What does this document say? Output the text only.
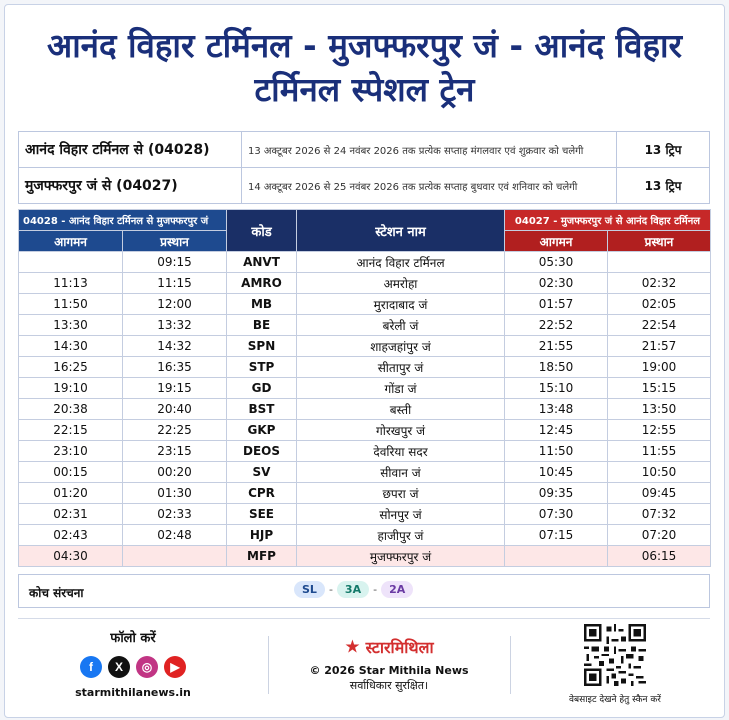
आनंद विहार टर्मिनल - मुजफ्फरपुर जं - आनंद विहार टर्मिनल स्पेशल ट्रेन
आनंद विहार टर्मिनल से (04028)	13 अक्टूबर 2026 से 24 नवंबर 2026 तक प्रत्येक सप्ताह मंगलवार एवं शुक्रवार को चलेगी	13 ट्रिप
मुजफ्फरपुर जं से (04027)	14 अक्टूबर 2026 से 25 नवंबर 2026 तक प्रत्येक सप्ताह बुधवार एवं शनिवार को चलेगी	13 ट्रिप
04028 - आनंद विहार टर्मिनल से मुजफ्फरपुर जं		कोड	स्टेशन नाम	04027 - मुजफ्फरपुर जं से आनंद विहार टर्मिनल	
आगमन	प्रस्थान			आगमन	प्रस्थान
	09:15	ANVT	आनंद विहार टर्मिनल	05:30	
11:13	11:15	AMRO	अमरोहा	02:30	02:32
11:50	12:00	MB	मुरादाबाद जं	01:57	02:05
13:30	13:32	BE	बरेली जं	22:52	22:54
14:30	14:32	SPN	शाहजहांपुर जं	21:55	21:57
16:25	16:35	STP	सीतापुर जं	18:50	19:00
19:10	19:15	GD	गोंडा जं	15:10	15:15
20:38	20:40	BST	बस्ती	13:48	13:50
22:15	22:25	GKP	गोरखपुर जं	12:45	12:55
23:10	23:15	DEOS	देवरिया सदर	11:50	11:55
00:15	00:20	SV	सीवान जं	10:45	10:50
01:20	01:30	CPR	छपरा जं	09:35	09:45
02:31	02:33	SEE	सोनपुर जं	07:30	07:32
02:43	02:48	HJP	हाजीपुर जं	07:15	07:20
04:30		MFP	मुजफ्फरपुर जं		06:15
कोच संरचना	SL	-	3A	-	2A
फॉलो करें
f	X	◎	▶
starmithilanews.in
★ स्टारमिथिला
© 2026 Star Mithila News
सर्वाधिकार सुरक्षित।
वेबसाइट देखने हेतु स्कैन करें
